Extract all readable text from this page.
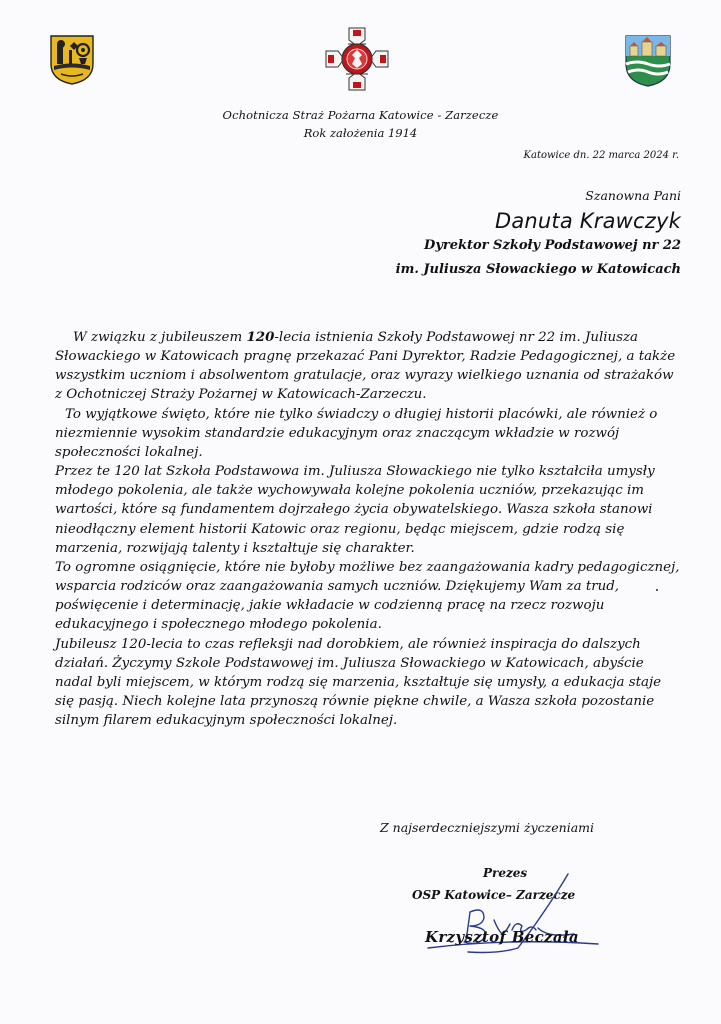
Ochotnicza Straż Pożarna Katowice - Zarzecze
Rok założenia 1914
Katowice dn. 22 marca 2024 r.
Szanowna Pani
Danuta Krawczyk
Dyrektor Szkoły Podstawowej nr 22
im. Juliusza Słowackiego w Katowicach

W związku z jubileuszem 120-lecia istnienia Szkoły Podstawowej nr 22 im. Juliusza Słowackiego w Katowicach pragnę przekazać Pani Dyrektor, Radzie Pedagogicznej, a także wszystkim uczniom i absolwentom gratulacje, oraz wyrazy wielkiego uznania od strażaków z Ochotniczej Straży Pożarnej w Katowicach-Zarzeczu.

To wyjątkowe święto, które nie tylko świadczy o długiej historii placówki, ale również o niezmiennie wysokim standardzie edukacyjnym oraz znaczącym wkładzie w rozwój społeczności lokalnej.

Przez te 120 lat Szkoła Podstawowa im. Juliusza Słowackiego nie tylko kształciła umysły młodego pokolenia, ale także wychowywała kolejne pokolenia uczniów, przekazując im wartości, które są fundamentem dojrzałego życia obywatelskiego. Wasza szkoła stanowi nieodłączny element historii Katowic oraz regionu, będąc miejscem, gdzie rodzą się marzenia, rozwijają talenty i kształtuje się charakter.

To ogromne osiągnięcie, które nie byłoby możliwe bez zaangażowania kadry pedagogicznej, wsparcia rodziców oraz zaangażowania samych uczniów. Dziękujemy Wam za trud, poświęcenie i determinację, jakie wkładacie w codzienną pracę na rzecz rozwoju edukacyjnego i społecznego młodego pokolenia.

Jubileusz 120-lecia to czas refleksji nad dorobkiem, ale również inspiracja do dalszych działań. Życzymy Szkole Podstawowej im. Juliusza Słowackiego w Katowicach, abyście nadal byli miejscem, w którym rodzą się marzenia, kształtuje się umysły, a edukacja staje się pasją. Niech kolejne lata przynoszą równie piękne chwile, a Wasza szkoła pozostanie silnym filarem edukacyjnym społeczności lokalnej.

Z najserdeczniejszymi życzeniami
Prezes
OSP Katowice– Zarzecze
Krzysztof Beczała
